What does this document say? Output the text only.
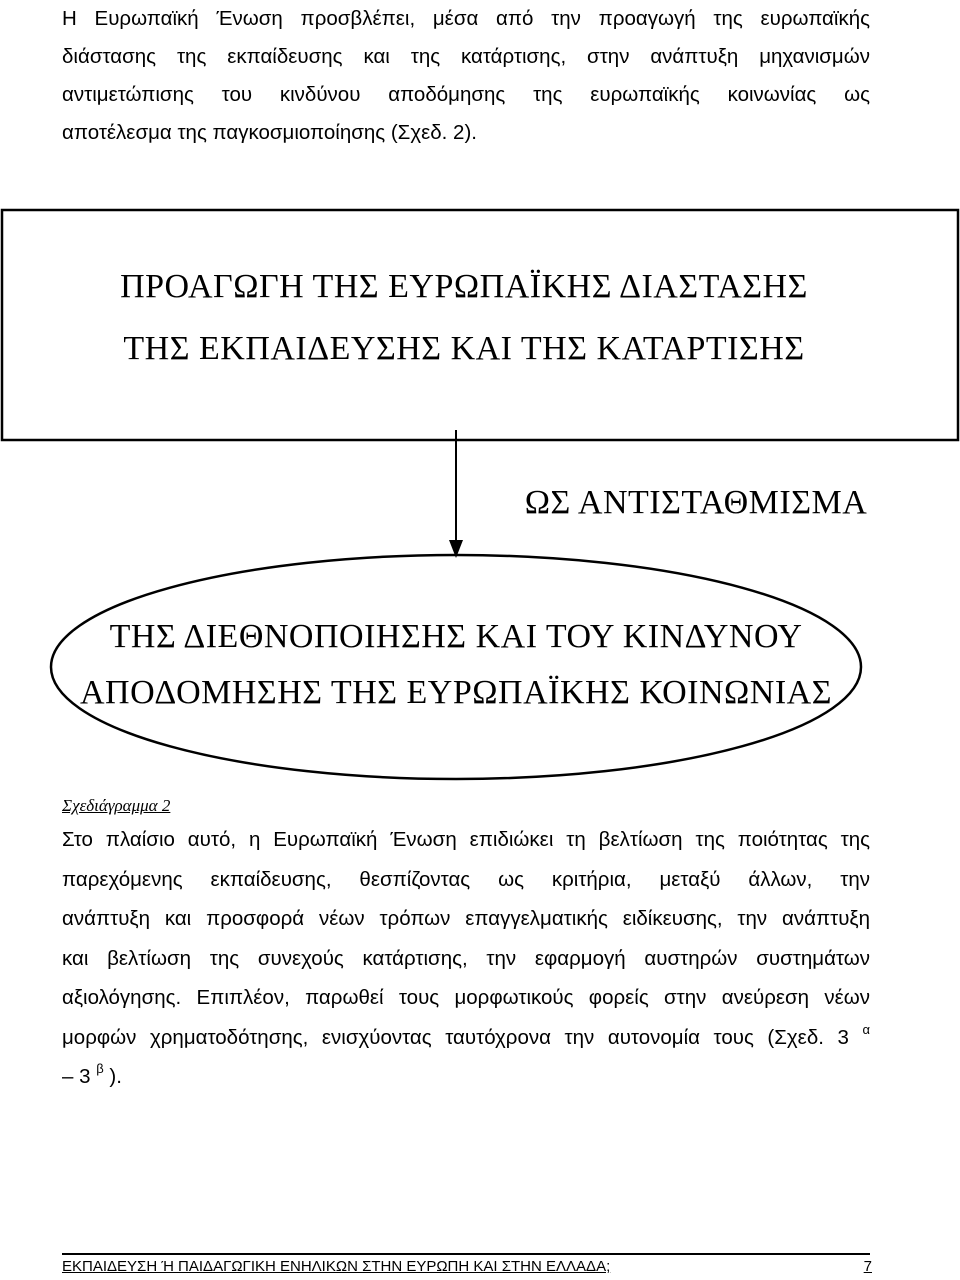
Η Ευρωπαϊκή Ένωση προσβλέπει, μέσα από την προαγωγή της ευρωπαϊκής
διάστασης της εκπαίδευσης και της κατάρτισης, στην ανάπτυξη μηχανισμών
αντιμετώπισης του κινδύνου αποδόμησης της ευρωπαϊκής κοινωνίας ως
αποτέλεσμα της παγκοσμιοποίησης (Σχεδ. 2).
ΠΡΟΑΓΩΓΗ ΤΗΣ ΕΥΡΩΠΑΪΚΗΣ ΔΙΑΣΤΑΣΗΣ
ΤΗΣ ΕΚΠΑΙΔΕΥΣΗΣ ΚΑΙ ΤΗΣ ΚΑΤΑΡΤΙΣΗΣ
ΩΣ ΑΝΤΙΣΤΑΘΜΙΣΜΑ
ΤΗΣ ΔΙΕΘΝΟΠΟΙΗΣΗΣ ΚΑΙ ΤΟΥ ΚΙΝΔΥΝΟΥ
ΑΠΟΔΟΜΗΣΗΣ ΤΗΣ ΕΥΡΩΠΑΪΚΗΣ ΚΟΙΝΩΝΙΑΣ
Σχεδιάγραμμα 2
Στο πλαίσιο αυτό, η Ευρωπαϊκή Ένωση επιδιώκει τη βελτίωση της ποιότητας της
παρεχόμενης εκπαίδευσης, θεσπίζοντας ως κριτήρια, μεταξύ άλλων, την
ανάπτυξη και προσφορά νέων τρόπων επαγγελματικής ειδίκευσης, την ανάπτυξη
και βελτίωση της συνεχούς κατάρτισης, την εφαρμογή αυστηρών συστημάτων
αξιολόγησης. Επιπλέον, παρωθεί τους μορφωτικούς φορείς στην ανεύρεση νέων
μορφών χρηματοδότησης, ενισχύοντας ταυτόχρονα την αυτονομία τους (Σχεδ. 3 $^\alpha$
– 3 $^\beta$ ).
ΕΚΠΑΙΔΕΥΣΗ Ή ΠΑΙΔΑΓΩΓΙΚΗ ΕΝΗΛΙΚΩΝ ΣΤΗΝ ΕΥΡΩΠΗ ΚΑΙ ΣΤΗΝ ΕΛΛΑΔΑ;	7
